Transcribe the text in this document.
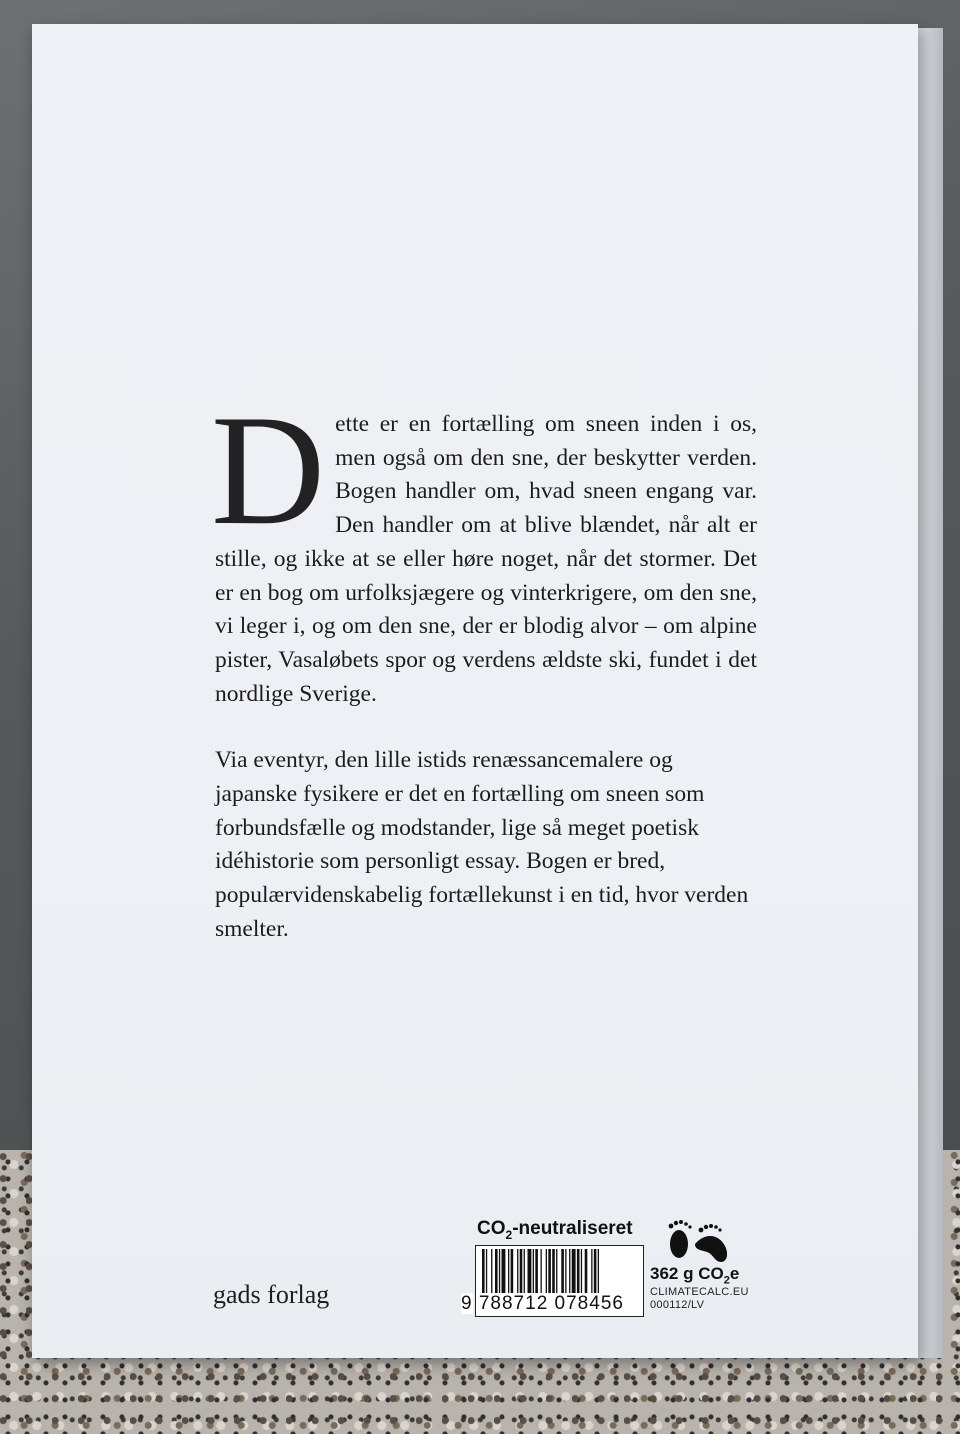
Dette er en fortælling om sneen inden i os, men også om den sne, der beskytter verden. Bogen handler om, hvad sneen engang var. Den handler om at blive blændet, når alt er stille, og ikke at se eller høre noget, når det stormer. Det er en bog om urfolksjægere og vinterkrigere, om den sne, vi leger i, og om den sne, der er blodig alvor – om alpine pister, Vasaløbets spor og verdens ældste ski, fundet i det nordlige Sverige.

Via eventyr, den lille istids renæssancemalere og japanske fysikere er det en fortælling om sneen som forbundsfælle og modstander, lige så meget poetisk idéhistorie som personligt essay. Bogen er bred, populærvidenskabelig fortællekunst i en tid, hvor verden smelter.

gads forlag
$CO_2$-neutraliseret
9 788712 078456
362 g $CO_2e$
CLIMATECALC.EU
000112/LV
